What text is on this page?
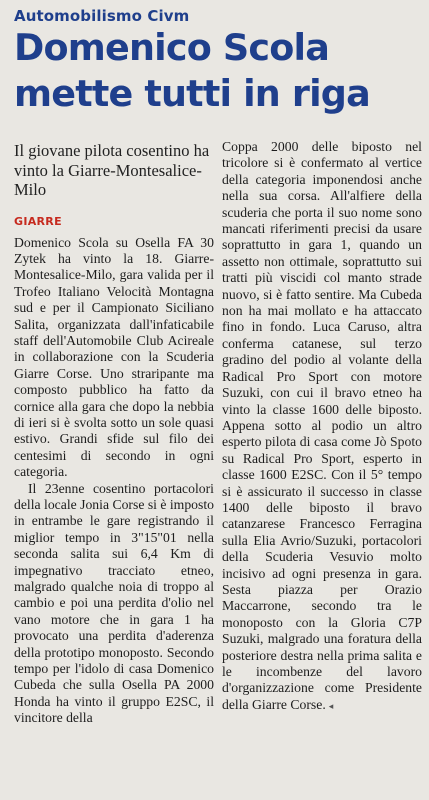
Automobilismo Civm
Domenico Scola
mette tutti in riga
Il giovane pilota cosentino ha vinto la Giarre-Montesalice-Milo
GIARRE

Domenico Scola su Osella FA 30 Zytek ha vinto la 18. Giarre-Montesalice-Milo, gara valida per il Trofeo Italiano Velocità Montagna sud e per il Campionato Siciliano Salita, organizzata dall'infaticabile staff dell'Automobile Club Acireale in collaborazione con la Scuderia Giarre Corse. Uno straripante ma composto pubblico ha fatto da cornice alla gara che dopo la nebbia di ieri si è svolta sotto un sole quasi estivo. Grandi sfide sul filo dei centesimi di secondo in ogni categoria.

Il 23enne cosentino portacolori della locale Jonia Corse si è imposto in entrambe le gare registrando il miglior tempo in 3"15"01 nella seconda salita sui 6,4 Km di impegnativo tracciato etneo, malgrado qualche noia di troppo al cambio e poi una perdita d'olio nel vano motore che in gara 1 ha provocato una perdita d'aderenza della prototipo monoposto. Secondo tempo per l'idolo di casa Domenico Cubeda che sulla Osella PA 2000 Honda ha vinto il gruppo E2SC, il vincitore della

Coppa 2000 delle biposto nel tricolore si è confermato al vertice della categoria imponendosi anche nella sua corsa. All'alfiere della scuderia che porta il suo nome sono mancati riferimenti precisi da usare soprattutto in gara 1, quando un assetto non ottimale, soprattutto sui tratti più viscidi col manto strade nuovo, si è fatto sentire. Ma Cubeda non ha mai mollato e ha attaccato fino in fondo. Luca Caruso, altra conferma catanese, sul terzo gradino del podio al volante della Radical Pro Sport con motore Suzuki, con cui il bravo etneo ha vinto la classe 1600 delle biposto. Appena sotto al podio un altro esperto pilota di casa come Jò Spoto su Radical Pro Sport, esperto in classe 1600 E2SC. Con il 5° tempo si è assicurato il successo in classe 1400 delle biposto il bravo catanzarese Francesco Ferragina sulla Elia Avrio/Suzuki, portacolori della Scuderia Vesuvio molto incisivo ad ogni presenza in gara. Sesta piazza per Orazio Maccarrone, secondo tra le monoposto con la Gloria C7P Suzuki, malgrado una foratura della posteriore destra nella prima salita e le incombenze del lavoro d'organizzazione come Presidente della Giarre Corse. ◂
